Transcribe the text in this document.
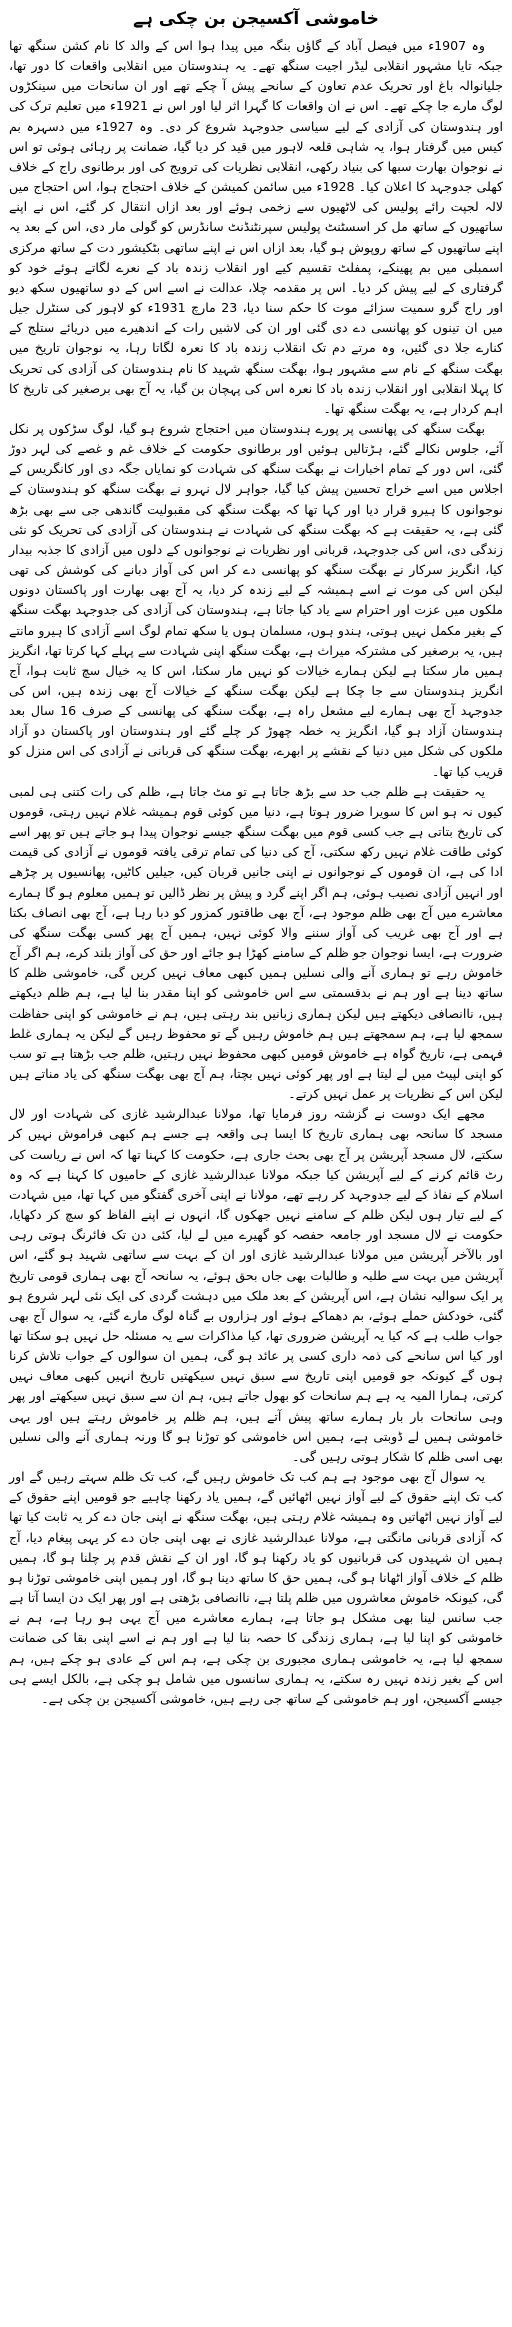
خاموشی آکسیجن بن چکی ہے

وہ 1907ء میں فیصل آباد کے گاؤں بنگہ میں پیدا ہوا اس کے والد کا نام کشن سنگھ تھا جبکہ تایا مشہور انقلابی لیڈر اجیت سنگھ تھے۔ یہ ہندوستان میں انقلابی واقعات کا دور تھا، جلیانوالہ باغ اور تحریک عدم تعاون کے سانحے پیش آ چکے تھے اور ان سانحات میں سینکڑوں لوگ مارے جا چکے تھے۔ اس نے ان واقعات کا گہرا اثر لیا اور اس نے 1921ء میں تعلیم ترک کی اور ہندوستان کی آزادی کے لیے سیاسی جدوجہد شروع کر دی۔ وہ 1927ء میں دسہرہ بم کیس میں گرفتار ہوا، یہ شاہی قلعہ لاہور میں قید کر دیا گیا، ضمانت پر رہائی ہوئی تو اس نے نوجوان بھارت سبھا کی بنیاد رکھی، انقلابی نظریات کی ترویج کی اور برطانوی راج کے خلاف کھلی جدوجہد کا اعلان کیا۔ 1928ء میں سائمن کمیشن کے خلاف احتجاج ہوا، اس احتجاج میں لالہ لجپت رائے پولیس کی لاٹھیوں سے زخمی ہوئے اور بعد ازاں انتقال کر گئے، اس نے اپنے ساتھیوں کے ساتھ مل کر اسسٹنٹ پولیس سپرنٹنڈنٹ سانڈرس کو گولی مار دی، اس کے بعد یہ اپنے ساتھیوں کے ساتھ روپوش ہو گیا، بعد ازاں اس نے اپنے ساتھی بٹکیشور دت کے ساتھ مرکزی اسمبلی میں بم پھینکے، پمفلٹ تقسیم کیے اور انقلاب زندہ باد کے نعرے لگاتے ہوئے خود کو گرفتاری کے لیے پیش کر دیا۔ اس پر مقدمہ چلا، عدالت نے اسے اس کے دو ساتھیوں سکھ دیو اور راج گرو سمیت سزائے موت کا حکم سنا دیا، 23 مارچ 1931ء کو لاہور کی سنٹرل جیل میں ان تینوں کو پھانسی دے دی گئی اور ان کی لاشیں رات کے اندھیرے میں دریائے ستلج کے کنارے جلا دی گئیں، وہ مرتے دم تک انقلاب زندہ باد کا نعرہ لگاتا رہا، یہ نوجوان تاریخ میں بھگت سنگھ کے نام سے مشہور ہوا، بھگت سنگھ شہید کا نام ہندوستان کی آزادی کی تحریک کا پہلا انقلابی اور انقلاب زندہ باد کا نعرہ اس کی پہچان بن گیا، یہ آج بھی برصغیر کی تاریخ کا اہم کردار ہے، یہ بھگت سنگھ تھا۔

بھگت سنگھ کی پھانسی پر پورے ہندوستان میں احتجاج شروع ہو گیا، لوگ سڑکوں پر نکل آئے، جلوس نکالے گئے، ہڑتالیں ہوئیں اور برطانوی حکومت کے خلاف غم و غصے کی لہر دوڑ گئی، اس دور کے تمام اخبارات نے بھگت سنگھ کی شہادت کو نمایاں جگہ دی اور کانگریس کے اجلاس میں اسے خراج تحسین پیش کیا گیا، جواہر لال نہرو نے بھگت سنگھ کو ہندوستان کے نوجوانوں کا ہیرو قرار دیا اور کہا تھا کہ بھگت سنگھ کی مقبولیت گاندھی جی سے بھی بڑھ گئی ہے، یہ حقیقت ہے کہ بھگت سنگھ کی شہادت نے ہندوستان کی آزادی کی تحریک کو نئی زندگی دی، اس کی جدوجہد، قربانی اور نظریات نے نوجوانوں کے دلوں میں آزادی کا جذبہ بیدار کیا، انگریز سرکار نے بھگت سنگھ کو پھانسی دے کر اس کی آواز دبانے کی کوشش کی تھی لیکن اس کی موت نے اسے ہمیشہ کے لیے زندہ کر دیا، یہ آج بھی بھارت اور پاکستان دونوں ملکوں میں عزت اور احترام سے یاد کیا جاتا ہے، ہندوستان کی آزادی کی جدوجہد بھگت سنگھ کے بغیر مکمل نہیں ہوتی، ہندو ہوں، مسلمان ہوں یا سکھ تمام لوگ اسے آزادی کا ہیرو مانتے ہیں، یہ برصغیر کی مشترکہ میراث ہے، بھگت سنگھ اپنی شہادت سے پہلے کہا کرتا تھا، انگریز ہمیں مار سکتا ہے لیکن ہمارے خیالات کو نہیں مار سکتا، اس کا یہ خیال سچ ثابت ہوا، آج انگریز ہندوستان سے جا چکا ہے لیکن بھگت سنگھ کے خیالات آج بھی زندہ ہیں، اس کی جدوجہد آج بھی ہمارے لیے مشعل راہ ہے، بھگت سنگھ کی پھانسی کے صرف 16 سال بعد ہندوستان آزاد ہو گیا، انگریز یہ خطہ چھوڑ کر چلے گئے اور ہندوستان اور پاکستان دو آزاد ملکوں کی شکل میں دنیا کے نقشے پر ابھرے، بھگت سنگھ کی قربانی نے آزادی کی اس منزل کو قریب کیا تھا۔

یہ حقیقت ہے ظلم جب حد سے بڑھ جاتا ہے تو مٹ جاتا ہے، ظلم کی رات کتنی ہی لمبی کیوں نہ ہو اس کا سویرا ضرور ہوتا ہے، دنیا میں کوئی قوم ہمیشہ غلام نہیں رہتی، قوموں کی تاریخ بتاتی ہے جب کسی قوم میں بھگت سنگھ جیسے نوجوان پیدا ہو جاتے ہیں تو پھر اسے کوئی طاقت غلام نہیں رکھ سکتی، آج کی دنیا کی تمام ترقی یافتہ قوموں نے آزادی کی قیمت ادا کی ہے، ان قوموں کے نوجوانوں نے اپنی جانیں قربان کیں، جیلیں کاٹیں، پھانسیوں پر چڑھے اور انہیں آزادی نصیب ہوئی، ہم اگر اپنے گرد و پیش پر نظر ڈالیں تو ہمیں معلوم ہو گا ہمارے معاشرے میں آج بھی ظلم موجود ہے، آج بھی طاقتور کمزور کو دبا رہا ہے، آج بھی انصاف بکتا ہے اور آج بھی غریب کی آواز سننے والا کوئی نہیں، ہمیں آج پھر کسی بھگت سنگھ کی ضرورت ہے، ایسا نوجوان جو ظلم کے سامنے کھڑا ہو جائے اور حق کی آواز بلند کرے، ہم اگر آج خاموش رہے تو ہماری آنے والی نسلیں ہمیں کبھی معاف نہیں کریں گی، خاموشی ظلم کا ساتھ دینا ہے اور ہم نے بدقسمتی سے اس خاموشی کو اپنا مقدر بنا لیا ہے، ہم ظلم دیکھتے ہیں، ناانصافی دیکھتے ہیں لیکن ہماری زبانیں بند رہتی ہیں، ہم نے خاموشی کو اپنی حفاظت سمجھ لیا ہے، ہم سمجھتے ہیں ہم خاموش رہیں گے تو محفوظ رہیں گے لیکن یہ ہماری غلط فہمی ہے، تاریخ گواہ ہے خاموش قومیں کبھی محفوظ نہیں رہتیں، ظلم جب بڑھتا ہے تو سب کو اپنی لپیٹ میں لے لیتا ہے اور پھر کوئی نہیں بچتا، ہم آج بھی بھگت سنگھ کی یاد مناتے ہیں لیکن اس کے نظریات پر عمل نہیں کرتے۔

مجھے ایک دوست نے گزشتہ روز فرمایا تھا، مولانا عبدالرشید غازی کی شہادت اور لال مسجد کا سانحہ بھی ہماری تاریخ کا ایسا ہی واقعہ ہے جسے ہم کبھی فراموش نہیں کر سکتے، لال مسجد آپریشن پر آج بھی بحث جاری ہے، حکومت کا کہنا تھا کہ اس نے ریاست کی رٹ قائم کرنے کے لیے آپریشن کیا جبکہ مولانا عبدالرشید غازی کے حامیوں کا کہنا ہے کہ وہ اسلام کے نفاذ کے لیے جدوجہد کر رہے تھے، مولانا نے اپنی آخری گفتگو میں کہا تھا، میں شہادت کے لیے تیار ہوں لیکن ظلم کے سامنے نہیں جھکوں گا، انہوں نے اپنے الفاظ کو سچ کر دکھایا، حکومت نے لال مسجد اور جامعہ حفصہ کو گھیرے میں لے لیا، کئی دن تک فائرنگ ہوتی رہی اور بالآخر آپریشن میں مولانا عبدالرشید غازی اور ان کے بہت سے ساتھی شہید ہو گئے، اس آپریشن میں بہت سے طلبہ و طالبات بھی جاں بحق ہوئے، یہ سانحہ آج بھی ہماری قومی تاریخ پر ایک سوالیہ نشان ہے، اس آپریشن کے بعد ملک میں دہشت گردی کی ایک نئی لہر شروع ہو گئی، خودکش حملے ہوئے، بم دھماکے ہوئے اور ہزاروں بے گناہ لوگ مارے گئے، یہ سوال آج بھی جواب طلب ہے کہ کیا یہ آپریشن ضروری تھا، کیا مذاکرات سے یہ مسئلہ حل نہیں ہو سکتا تھا اور کیا اس سانحے کی ذمہ داری کسی پر عائد ہو گی، ہمیں ان سوالوں کے جواب تلاش کرنا ہوں گے کیونکہ جو قومیں اپنی تاریخ سے سبق نہیں سیکھتیں تاریخ انہیں کبھی معاف نہیں کرتی، ہمارا المیہ یہ ہے ہم سانحات کو بھول جاتے ہیں، ہم ان سے سبق نہیں سیکھتے اور پھر وہی سانحات بار بار ہمارے ساتھ پیش آتے ہیں، ہم ظلم پر خاموش رہتے ہیں اور یہی خاموشی ہمیں لے ڈوبتی ہے، ہمیں اس خاموشی کو توڑنا ہو گا ورنہ ہماری آنے والی نسلیں بھی اسی ظلم کا شکار ہوتی رہیں گی۔

یہ سوال آج بھی موجود ہے ہم کب تک خاموش رہیں گے، کب تک ظلم سہتے رہیں گے اور کب تک اپنے حقوق کے لیے آواز نہیں اٹھائیں گے، ہمیں یاد رکھنا چاہیے جو قومیں اپنے حقوق کے لیے آواز نہیں اٹھاتیں وہ ہمیشہ غلام رہتی ہیں، بھگت سنگھ نے اپنی جان دے کر یہ ثابت کیا تھا کہ آزادی قربانی مانگتی ہے، مولانا عبدالرشید غازی نے بھی اپنی جان دے کر یہی پیغام دیا، آج ہمیں ان شہیدوں کی قربانیوں کو یاد رکھنا ہو گا، اور ان کے نقش قدم پر چلنا ہو گا، ہمیں ظلم کے خلاف آواز اٹھانا ہو گی، ہمیں حق کا ساتھ دینا ہو گا، اور ہمیں اپنی خاموشی توڑنا ہو گی، کیونکہ خاموش معاشروں میں ظلم پلتا ہے، ناانصافی بڑھتی ہے اور پھر ایک دن ایسا آتا ہے جب سانس لینا بھی مشکل ہو جاتا ہے، ہمارے معاشرے میں آج یہی ہو رہا ہے، ہم نے خاموشی کو اپنا لیا ہے، ہماری زندگی کا حصہ بنا لیا ہے اور ہم نے اسے اپنی بقا کی ضمانت سمجھ لیا ہے، یہ خاموشی ہماری مجبوری بن چکی ہے، ہم اس کے عادی ہو چکے ہیں، ہم اس کے بغیر زندہ نہیں رہ سکتے، یہ ہماری سانسوں میں شامل ہو چکی ہے، بالکل ایسے ہی جیسے آکسیجن، اور ہم خاموشی کے ساتھ جی رہے ہیں، خاموشی آکسیجن بن چکی ہے۔
